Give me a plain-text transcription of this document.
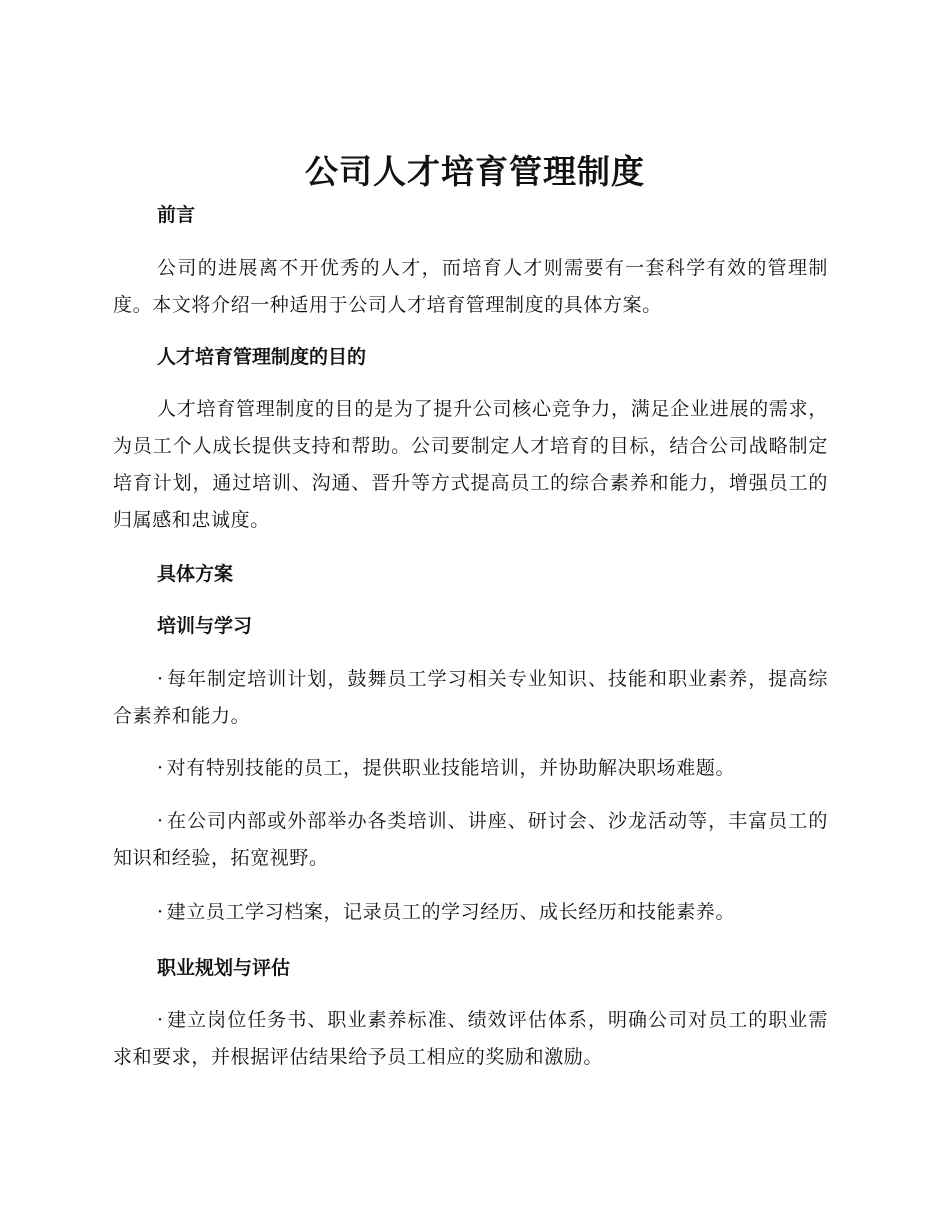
公司人才培育管理制度
前言

公司的进展离不开优秀的人才，而培育人才则需要有一套科学有效的管理制度。本文将介绍一种适用于公司人才培育管理制度的具体方案。

人才培育管理制度的目的

人才培育管理制度的目的是为了提升公司核心竞争力，满足企业进展的需求，为员工个人成长提供支持和帮助。公司要制定人才培育的目标，结合公司战略制定培育计划，通过培训、沟通、晋升等方式提高员工的综合素养和能力，增强员工的归属感和忠诚度。

具体方案
培训与学习

· 每年制定培训计划，鼓舞员工学习相关专业知识、技能和职业素养，提高综合素养和能力。

· 对有特别技能的员工，提供职业技能培训，并协助解决职场难题。

· 在公司内部或外部举办各类培训、讲座、研讨会、沙龙活动等，丰富员工的知识和经验，拓宽视野。

· 建立员工学习档案，记录员工的学习经历、成长经历和技能素养。

职业规划与评估

· 建立岗位任务书、职业素养标准、绩效评估体系，明确公司对员工的职业需求和要求，并根据评估结果给予员工相应的奖励和激励。
